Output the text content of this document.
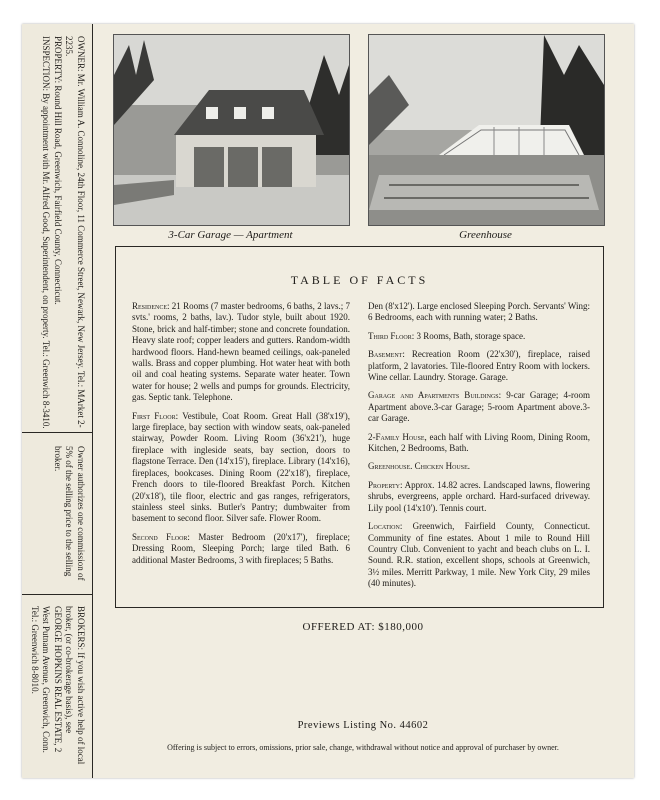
OWNER: Mr. William A. Connoline, 24th Floor, 11 Commerce Street, Newark, New Jersey. Tel.: MArket 2-2235.

PROPERTY: Round Hill Road, Greenwich, Fairfield County, Connecticut.

INSPECTION: By appointment with Mr. Alfred Good, Superintendent, on property. Tel.: Greenwich 8-3410.

Owner authorizes one commission of 5% of the selling price to the selling broker.

BROKERS: If you wish active help of local broker, (or co-brokerage basis), see GEORGE HOPKINS REAL ESTATE, 2 West Putnam Avenue, Greenwich, Conn. Tel.: Greenwich 8-8010.

3-Car Garage — Apartment	Greenhouse
TABLE OF FACTS

Residence: 21 Rooms (7 master bedrooms, 6 baths, 2 lavs.; 7 svts.' rooms, 2 baths, lav.). Tudor style, built about 1920. Stone, brick and half-timber; stone and concrete foundation. Heavy slate roof; copper leaders and gutters. Random-width hardwood floors. Hand-hewn beamed ceilings, oak-paneled walls. Brass and copper plumbing. Hot water heat with both oil and coal heating systems. Separate water heater. Town water for house; 2 wells and pumps for grounds. Electricity, gas. Septic tank. Telephone.

First Floor: Vestibule, Coat Room. Great Hall (38'x19'), large fireplace, bay section with window seats, oak-paneled stairway, Powder Room. Living Room (36'x21'), huge fireplace with ingleside seats, bay section, doors to flagstone Terrace. Den (14'x15'), fireplace. Library (14'x16), fireplaces, bookcases. Dining Room (22'x18'), fireplace, French doors to tile-floored Breakfast Porch. Kitchen (20'x18'), tile floor, electric and gas ranges, refrigerators, stainless steel sinks. Butler's Pantry; dumbwaiter from basement to second floor. Silver safe. Flower Room.

Second Floor: Master Bedroom (20'x17'), fireplace; Dressing Room, Sleeping Porch; large tiled Bath. 6 additional Master Bedrooms, 3 with fireplaces; 5 Baths.

Den (8'x12'). Large enclosed Sleeping Porch. Servants' Wing: 6 Bedrooms, each with running water; 2 Baths.

Third Floor: 3 Rooms, Bath, storage space.

Basement: Recreation Room (22'x30'), fireplace, raised platform, 2 lavatories. Tile-floored Entry Room with lockers. Wine cellar. Laundry. Storage. Garage.

Garage and Apartments Buildings: 9-car Garage; 4-room Apartment above.3-car Garage; 5-room Apartment above.3-car Garage.

2-Family House, each half with Living Room, Dining Room, Kitchen, 2 Bedrooms, Bath.

Greenhouse. Chicken House.

Property: Approx. 14.82 acres. Landscaped lawns, flowering shrubs, evergreens, apple orchard. Hard-surfaced driveway. Lily pool (14'x10'). Tennis court.

Location: Greenwich, Fairfield County, Connecticut. Community of fine estates. About 1 mile to Round Hill Country Club. Convenient to yacht and beach clubs on L. I. Sound. R.R. station, excellent shops, schools at Greenwich, 3½ miles. Merritt Parkway, 1 mile. New York City, 29 miles (40 minutes).

OFFERED AT: $180,000
Previews Listing No. 44602
Offering is subject to errors, omissions, prior sale, change, withdrawal without notice and approval of purchaser by owner.
